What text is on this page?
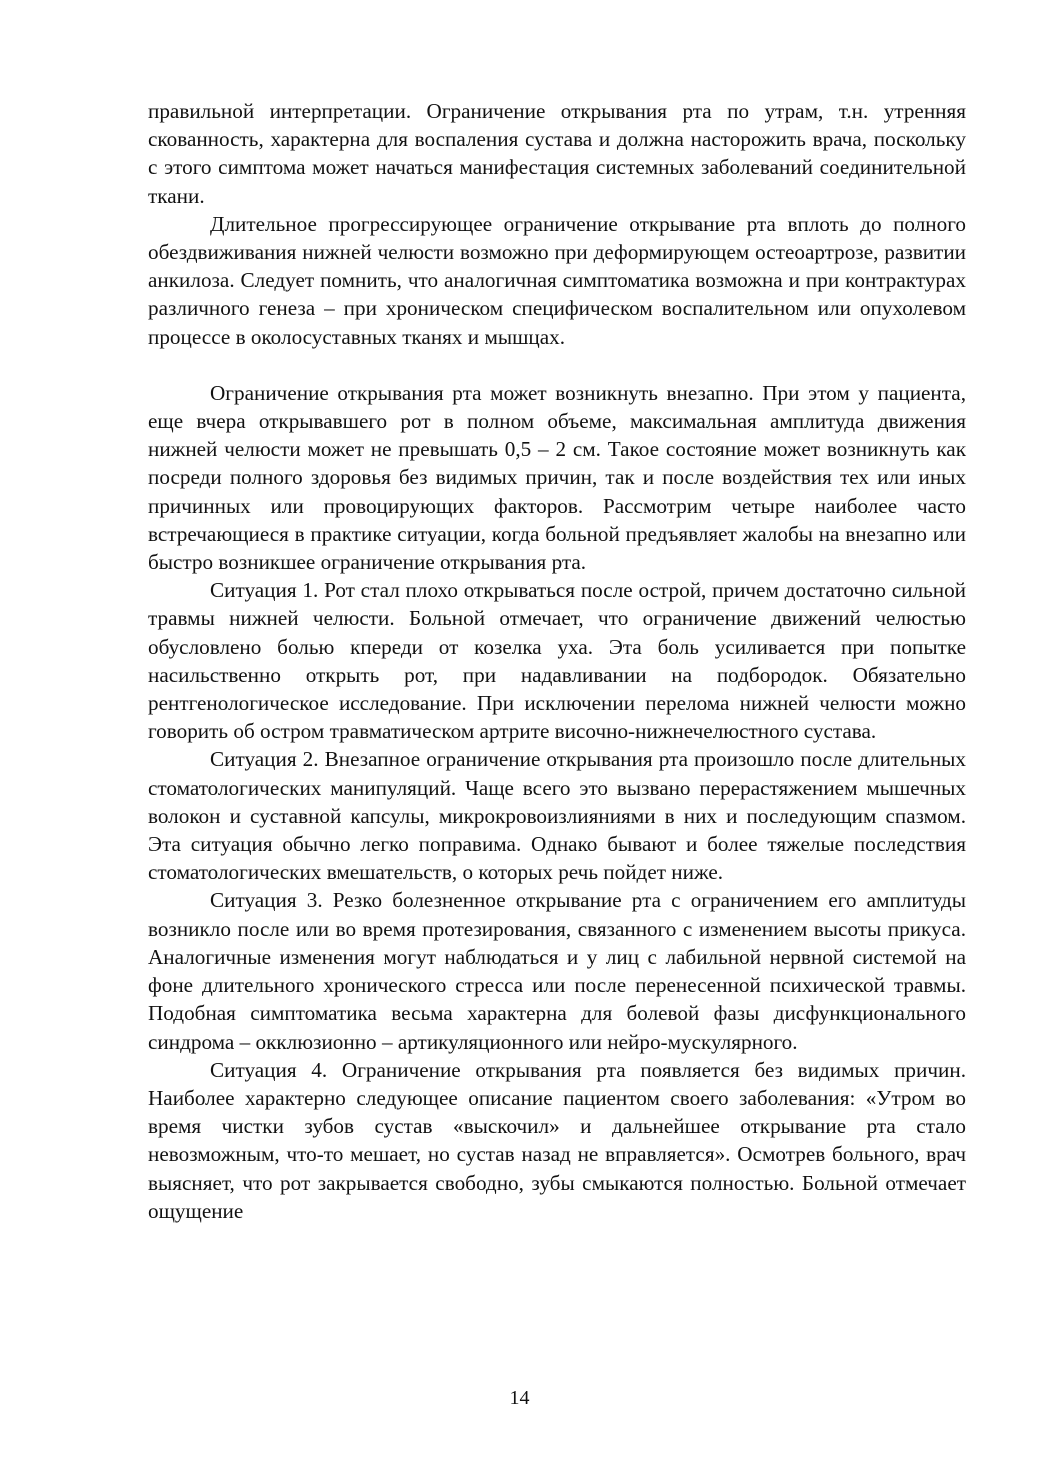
правильной интерпретации. Ограничение открывания рта по утрам, т.н. утренняя скованность, характерна для воспаления сустава и должна насторожить врача, поскольку с этого симптома может начаться манифестация системных заболеваний соединительной ткани.

Длительное прогрессирующее ограничение открывание рта вплоть до полного обездвиживания нижней челюсти возможно при деформирующем остеоартрозе, развитии анкилоза. Следует помнить, что аналогичная симптоматика возможна и при контрактурах различного генеза – при хроническом специфическом воспалительном или опухолевом процессе в околосуставных тканях и мышцах.

Ограничение открывания рта может возникнуть внезапно. При этом у пациента, еще вчера открывавшего рот в полном объеме, максимальная амплитуда движения нижней челюсти может не превышать 0,5 – 2 см. Такое состояние может возникнуть как посреди полного здоровья без видимых причин, так и после воздействия тех или иных причинных или провоцирующих факторов. Рассмотрим четыре наиболее часто встречающиеся в практике ситуации, когда больной предъявляет жалобы на внезапно или быстро возникшее ограничение открывания рта.

Ситуация 1. Рот стал плохо открываться после острой, причем достаточно сильной травмы нижней челюсти. Больной отмечает, что ограничение движений челюстью обусловлено болью кпереди от козелка уха. Эта боль усиливается при попытке насильственно открыть рот, при надавливании на подбородок. Обязательно рентгенологическое исследование. При исключении перелома нижней челюсти можно говорить об остром травматическом артрите височно-нижнечелюстного сустава.

Ситуация 2. Внезапное ограничение открывания рта произошло после длительных стоматологических манипуляций. Чаще всего это вызвано перерастяжением мышечных волокон и суставной капсулы, микрокровоизлияниями в них и последующим спазмом. Эта ситуация обычно легко поправима. Однако бывают и более тяжелые последствия стоматологических вмешательств, о которых речь пойдет ниже.

Ситуация 3. Резко болезненное открывание рта с ограничением его амплитуды возникло после или во время протезирования, связанного с изменением высоты прикуса. Аналогичные изменения могут наблюдаться и у лиц с лабильной нервной системой на фоне длительного хронического стресса или после перенесенной психической травмы. Подобная симптоматика весьма характерна для болевой фазы дисфункционального синдрома – окклюзионно – артикуляционного или нейро-мускулярного.

Ситуация 4. Ограничение открывания рта появляется без видимых причин. Наиболее характерно следующее описание пациентом своего заболевания: «Утром во время чистки зубов сустав «выскочил» и дальнейшее открывание рта стало невозможным, что-то мешает, но сустав назад не вправляется». Осмотрев больного, врач выясняет, что рот закрывается свободно, зубы смыкаются полностью. Больной отмечает ощущение

14
